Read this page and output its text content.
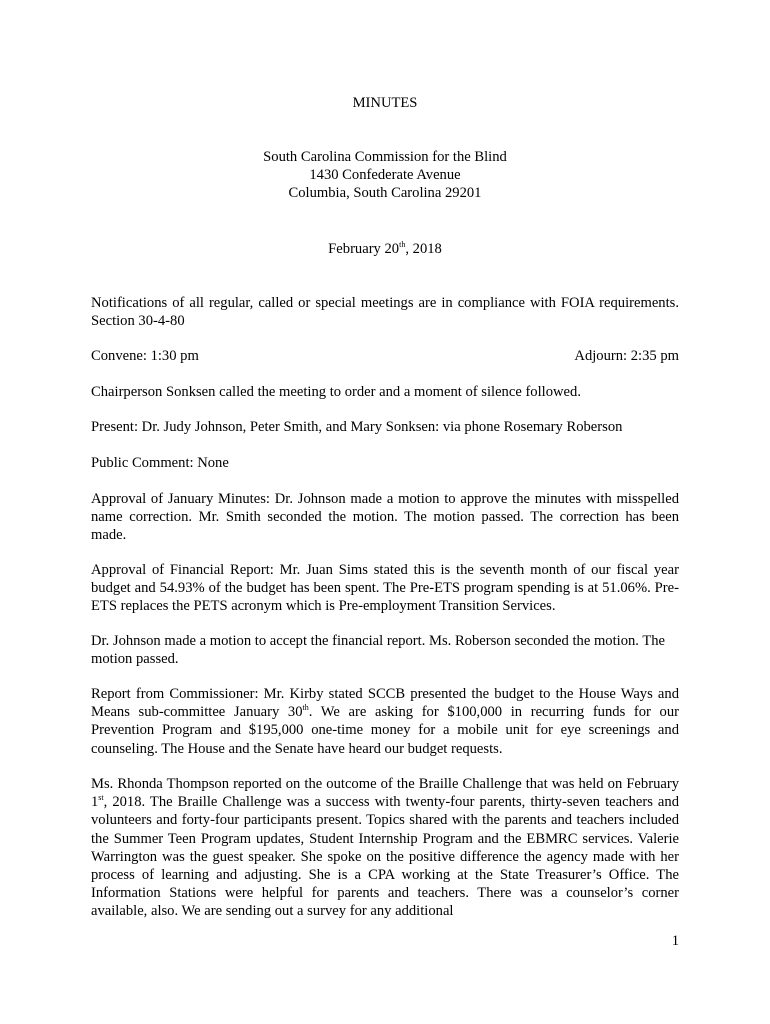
MINUTES
South Carolina Commission for the Blind
1430 Confederate Avenue
Columbia, South Carolina 29201
February 20th, 2018
Notifications of all regular, called or special meetings are in compliance with FOIA requirements. Section 30-4-80
Convene: 1:30 pm	Adjourn: 2:35 pm
Chairperson Sonksen called the meeting to order and a moment of silence followed.
Present: Dr. Judy Johnson, Peter Smith, and Mary Sonksen: via phone Rosemary Roberson
Public Comment: None
Approval of January Minutes: Dr. Johnson made a motion to approve the minutes with misspelled name correction. Mr. Smith seconded the motion. The motion passed. The correction has been made.
Approval of Financial Report: Mr. Juan Sims stated this is the seventh month of our fiscal year budget and 54.93% of the budget has been spent. The Pre-ETS program spending is at 51.06%. Pre-ETS replaces the PETS acronym which is Pre-employment Transition Services.
Dr. Johnson made a motion to accept the financial report. Ms. Roberson seconded the motion. The motion passed.
Report from Commissioner: Mr. Kirby stated SCCB presented the budget to the House Ways and Means sub-committee January 30th. We are asking for $100,000 in recurring funds for our Prevention Program and $195,000 one-time money for a mobile unit for eye screenings and counseling. The House and the Senate have heard our budget requests.
Ms. Rhonda Thompson reported on the outcome of the Braille Challenge that was held on February 1st, 2018. The Braille Challenge was a success with twenty-four parents, thirty-seven teachers and volunteers and forty-four participants present. Topics shared with the parents and teachers included the Summer Teen Program updates, Student Internship Program and the EBMRC services. Valerie Warrington was the guest speaker. She spoke on the positive difference the agency made with her process of learning and adjusting. She is a CPA working at the State Treasurer’s Office. The Information Stations were helpful for parents and teachers. There was a counselor’s corner available, also. We are sending out a survey for any additional
1
